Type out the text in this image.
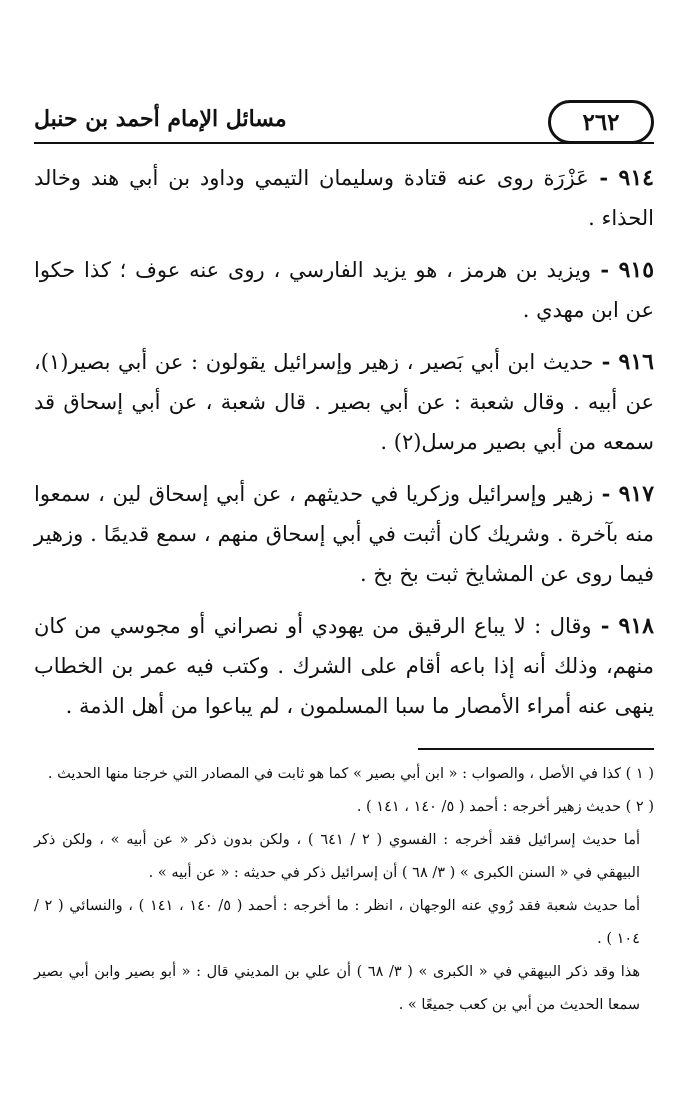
٢٦٢
مسائل الإمام أحمد بن حنبل

٩١٤ - عَزْرَة روى عنه قتادة وسليمان التيمي وداود بن أبي هند وخالد الحذاء .

٩١٥ - ويزيد بن هرمز ، هو يزيد الفارسي ، روى عنه عوف ؛ كذا حكوا عن ابن مهدي .

٩١٦ - حديث ابن أبي بَصير ، زهير وإسرائيل يقولون : عن أبي بصير(١)، عن أبيه . وقال شعبة : عن أبي بصير . قال شعبة ، عن أبي إسحاق قد سمعه من أبي بصير مرسل(٢) .

٩١٧ - زهير وإسرائيل وزكريا في حديثهم ، عن أبي إسحاق لين ، سمعوا منه بآخرة . وشريك كان أثبت في أبي إسحاق منهم ، سمع قديمًا . وزهير فيما روى عن المشايخ ثبت بخ بخ .

٩١٨ - وقال : لا يباع الرقيق من يهودي أو نصراني أو مجوسي من كان منهم، وذلك أنه إذا باعه أقام على الشرك . وكتب فيه عمر بن الخطاب ينهى عنه أمراء الأمصار ما سبا المسلمون ، لم يباعوا من أهل الذمة .

( ١ ) كذا في الأصل ، والصواب : « ابن أبي بصير » كما هو ثابت في المصادر التي خرجنا منها الحديث .

( ٢ ) حديث زهير أخرجه : أحمد ( ٥/ ١٤٠ ، ١٤١ ) .

أما حديث إسرائيل فقد أخرجه : الفسوي ( ٢ / ٦٤١ ) ، ولكن بدون ذكر « عن أبيه » ، ولكن ذكر البيهقي في « السنن الكبرى » ( ٣/ ٦٨ ) أن إسرائيل ذكر في حديثه : « عن أبيه » .

أما حديث شعبة فقد رُوي عنه الوجهان ، انظر : ما أخرجه : أحمد ( ٥/ ١٤٠ ، ١٤١ ) ، والنسائي ( ٢ / ١٠٤ ) .

هذا وقد ذكر البيهقي في « الكبرى » ( ٣/ ٦٨ ) أن علي بن المديني قال : « أبو بصير وابن أبي بصير سمعا الحديث من أبي بن كعب جميعًا » .
